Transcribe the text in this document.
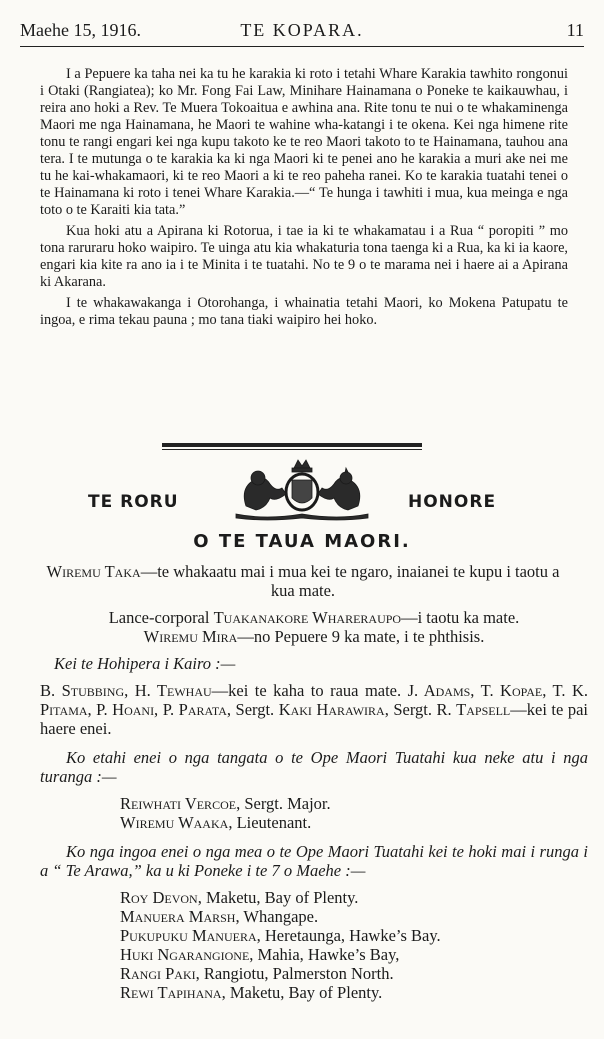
Maehe 15, 1916.	TE KOPARA.	11

I a Pepuere ka taha nei ka tu he karakia ki roto i tetahi Whare Karakia tawhito rongonui i Otaki (Rangiatea); ko Mr. Fong Fai Law, Minihare Hainamana o Poneke te kaikauwhau, i reira ano hoki a Rev. Te Muera Tokoaitua e awhina ana. Rite tonu te nui o te whakaminenga Maori me nga Hainamana, he Maori te wahine wha-katangi i te okena. Kei nga himene rite tonu te rangi engari kei nga kupu takoto ke te reo Maori takoto to te Hainamana, tauhou ana tera. I te mutunga o te karakia ka ki nga Maori ki te penei ano he karakia a muri ake nei me tu he kai-whakamaori, ki te reo Maori a ki te reo paheha ranei. Ko te karakia tuatahi tenei o te Hainamana ki roto i tenei Whare Karakia.—“ Te hunga i tawhiti i mua, kua meinga e nga toto o te Karaiti kia tata.”

Kua hoki atu a Apirana ki Rotorua, i tae ia ki te whakamatau i a Rua “ poropiti ” mo tona raruraru hoko waipiro. Te uinga atu kia whakaturia tona taenga ki a Rua, ka ki ia kaore, engari kia kite ra ano ia i te Minita i te tuatahi. No te 9 o te marama nei i haere ai a Apirana ki Akarana.

I te whakawakanga i Otorohanga, i whainatia tetahi Maori, ko Mokena Patupatu te ingoa, e rima tekau pauna ; mo tana tiaki waipiro hei hoko.

TE RORU	HONORE
O TE TAUA MAORI.
Wiremu Taka—te whakaatu mai i mua kei te ngaro, inaianei te kupu i taotu a kua mate.
Lance-corporal Tuakanakore Whareraupo—i taotu ka mate.
Wiremu Mira—no Pepuere 9 ka mate, i te phthisis.
Kei te Hohipera i Kairo :—
B. Stubbing, H. Tewhau—kei te kaha to raua mate. J. Adams, T. Kopae, T. K. Pitama, P. Hoani, P. Parata, Sergt. Kaki Harawira, Sergt. R. Tapsell—kei te pai haere enei.
Ko etahi enei o nga tangata o te Ope Maori Tuatahi kua neke atu i nga turanga :—
Reiwhati Vercoe, Sergt. Major.
Wiremu Waaka, Lieutenant.
Ko nga ingoa enei o nga mea o te Ope Maori Tuatahi kei te hoki mai i runga i a “ Te Arawa,” ka u ki Poneke i te 7 o Maehe :—
Roy Devon, Maketu, Bay of Plenty.
Manuera Marsh, Whangape.
Pukupuku Manuera, Heretaunga, Hawke’s Bay.
Huki Ngarangione, Mahia, Hawke’s Bay,
Rangi Paki, Rangiotu, Palmerston North.
Rewi Tapihana, Maketu, Bay of Plenty.
